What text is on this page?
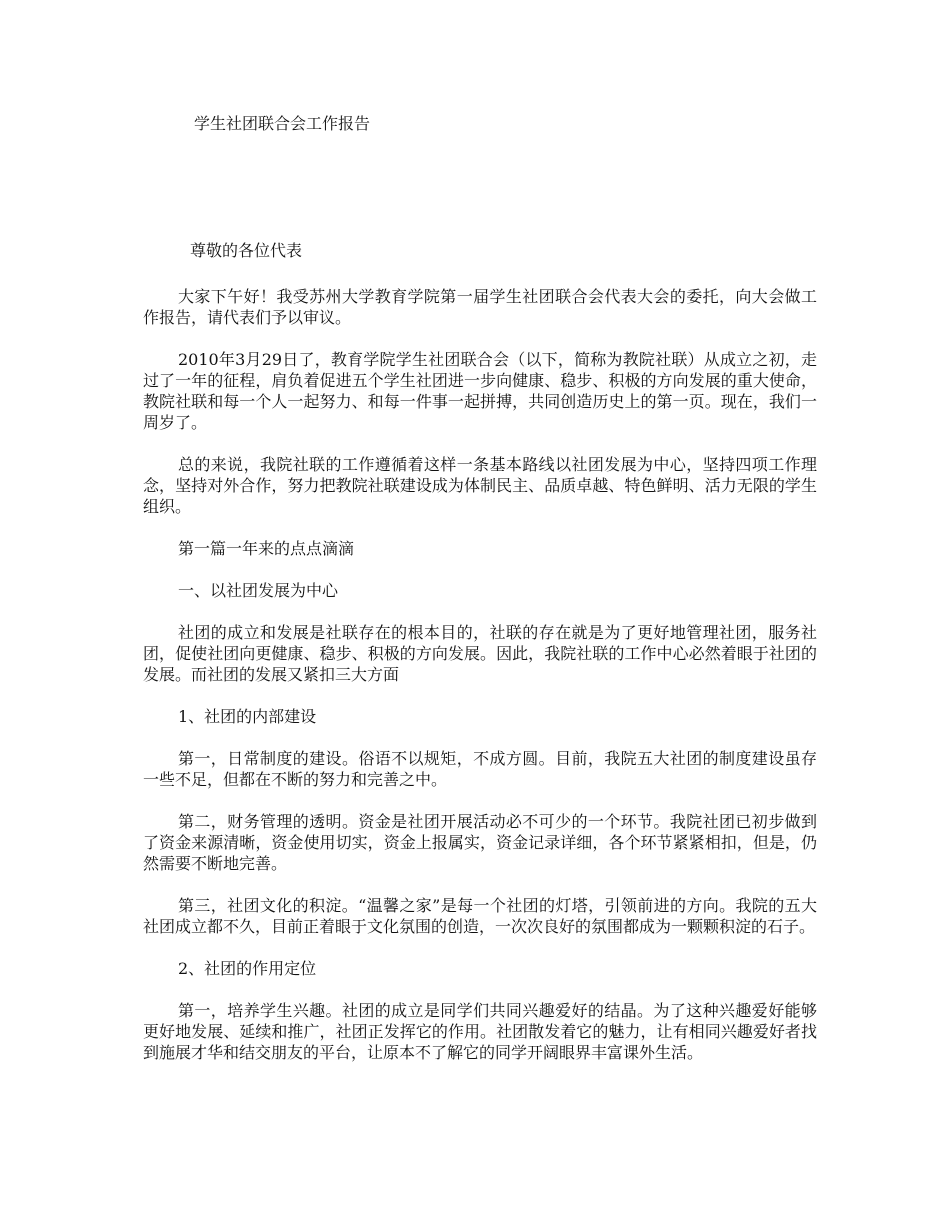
学生社团联合会工作报告
尊敬的各位代表

大家下午好！我受苏州大学教育学院第一届学生社团联合会代表大会的委托，向大会做工作报告，请代表们予以审议。

2010年3月29日了，教育学院学生社团联合会（以下，简称为教院社联）从成立之初，走过了一年的征程，肩负着促进五个学生社团进一步向健康、稳步、积极的方向发展的重大使命，教院社联和每一个人一起努力、和每一件事一起拼搏，共同创造历史上的第一页。现在，我们一周岁了。

总的来说，我院社联的工作遵循着这样一条基本路线以社团发展为中心，坚持四项工作理念，坚持对外合作，努力把教院社联建设成为体制民主、品质卓越、特色鲜明、活力无限的学生组织。

第一篇一年来的点点滴滴

一、以社团发展为中心

社团的成立和发展是社联存在的根本目的，社联的存在就是为了更好地管理社团，服务社团，促使社团向更健康、稳步、积极的方向发展。因此，我院社联的工作中心必然着眼于社团的发展。而社团的发展又紧扣三大方面

1、社团的内部建设

第一，日常制度的建设。俗语不以规矩，不成方圆。目前，我院五大社团的制度建设虽存一些不足，但都在不断的努力和完善之中。

第二，财务管理的透明。资金是社团开展活动必不可少的一个环节。我院社团已初步做到了资金来源清晰，资金使用切实，资金上报属实，资金记录详细，各个环节紧紧相扣，但是，仍然需要不断地完善。

第三，社团文化的积淀。“温馨之家”是每一个社团的灯塔，引领前进的方向。我院的五大社团成立都不久，目前正着眼于文化氛围的创造，一次次良好的氛围都成为一颗颗积淀的石子。

2、社团的作用定位

第一，培养学生兴趣。社团的成立是同学们共同兴趣爱好的结晶。为了这种兴趣爱好能够更好地发展、延续和推广，社团正发挥它的作用。社团散发着它的魅力，让有相同兴趣爱好者找到施展才华和结交朋友的平台，让原本不了解它的同学开阔眼界丰富课外生活。
